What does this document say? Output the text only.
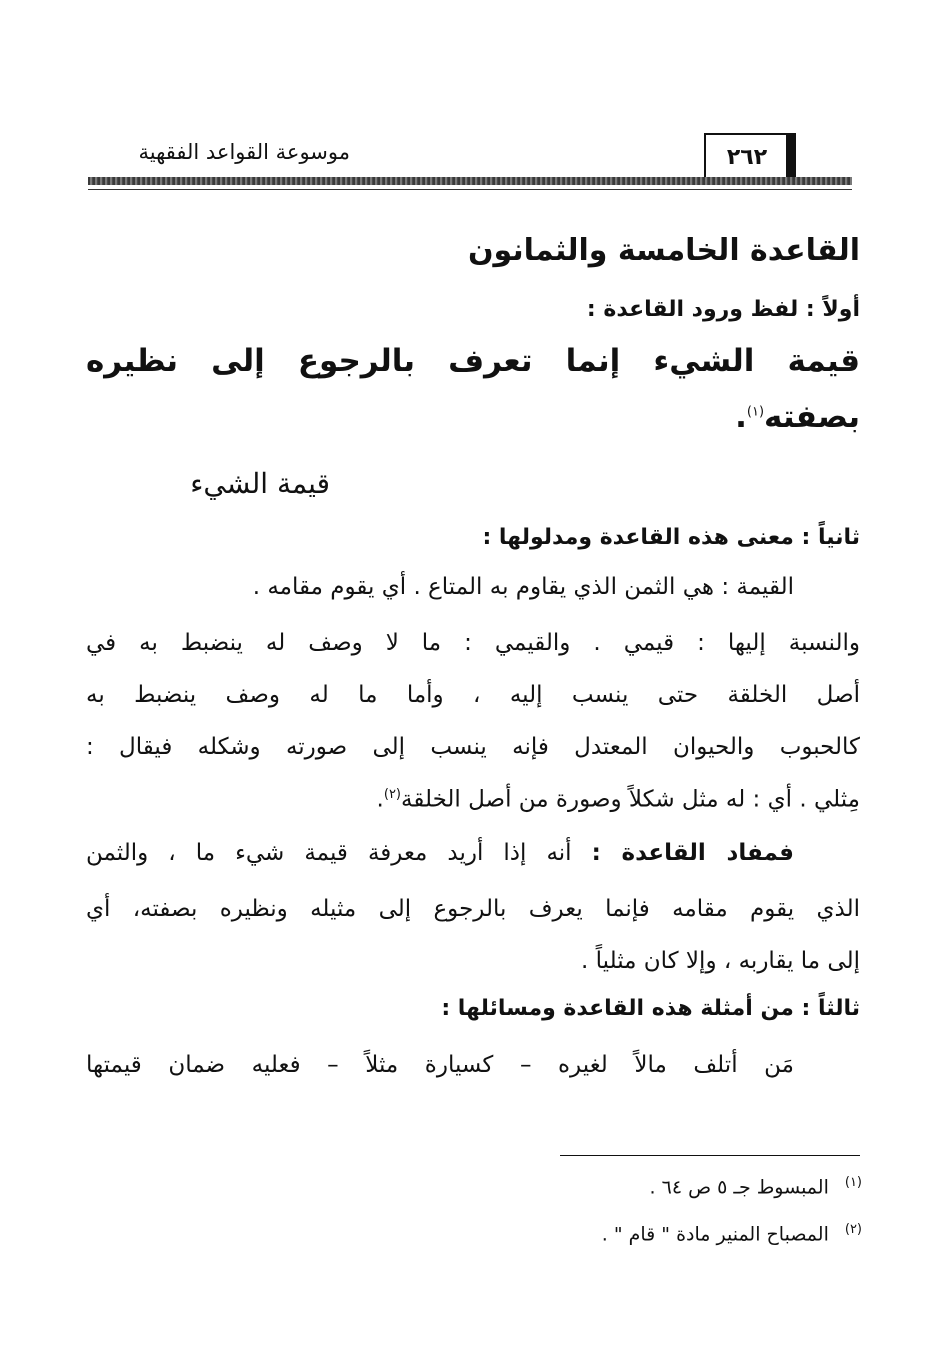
٢٦٢
موسوعة القواعد الفقهية
القاعدة الخامسة والثمانون
أولاً : لفظ ورود القاعدة :
قيمة الشيء إنما تعرف بالرجوع إلى نظيره
بصفته$^{(١)}$.
قيمة الشيء
ثانياً : معنى هذه القاعدة ومدلولها :
القيمة : هي الثمن الذي يقاوم به المتاع . أي يقوم مقامه .
والنسبة إليها : قيمي . والقيمي : ما لا وصف له ينضبط به في
أصل الخلقة حتى ينسب إليه ، وأما ما له وصف ينضبط به
كالحبوب والحيوان المعتدل فإنه ينسب إلى صورته وشكله فيقال :
مِثلي . أي : له مثل شكلاً وصورة من أصل الخلقة$^{(٢)}$.
فمفاد القاعدة : أنه إذا أريد معرفة قيمة شيء ما ، والثمن
الذي يقوم مقامه فإنما يعرف بالرجوع إلى مثيله ونظيره بصفته، أي
إلى ما يقاربه ، وإلا كان مثلياً .
ثالثاً : من أمثلة هذه القاعدة ومسائلها :
مَن أتلف مالاً لغيره – كسيارة مثلاً – فعليه ضمان قيمتها
$^{(١)}$المبسوط جـ ٥ ص ٦٤ .
$^{(٢)}$المصباح المنير مادة " قام " .
